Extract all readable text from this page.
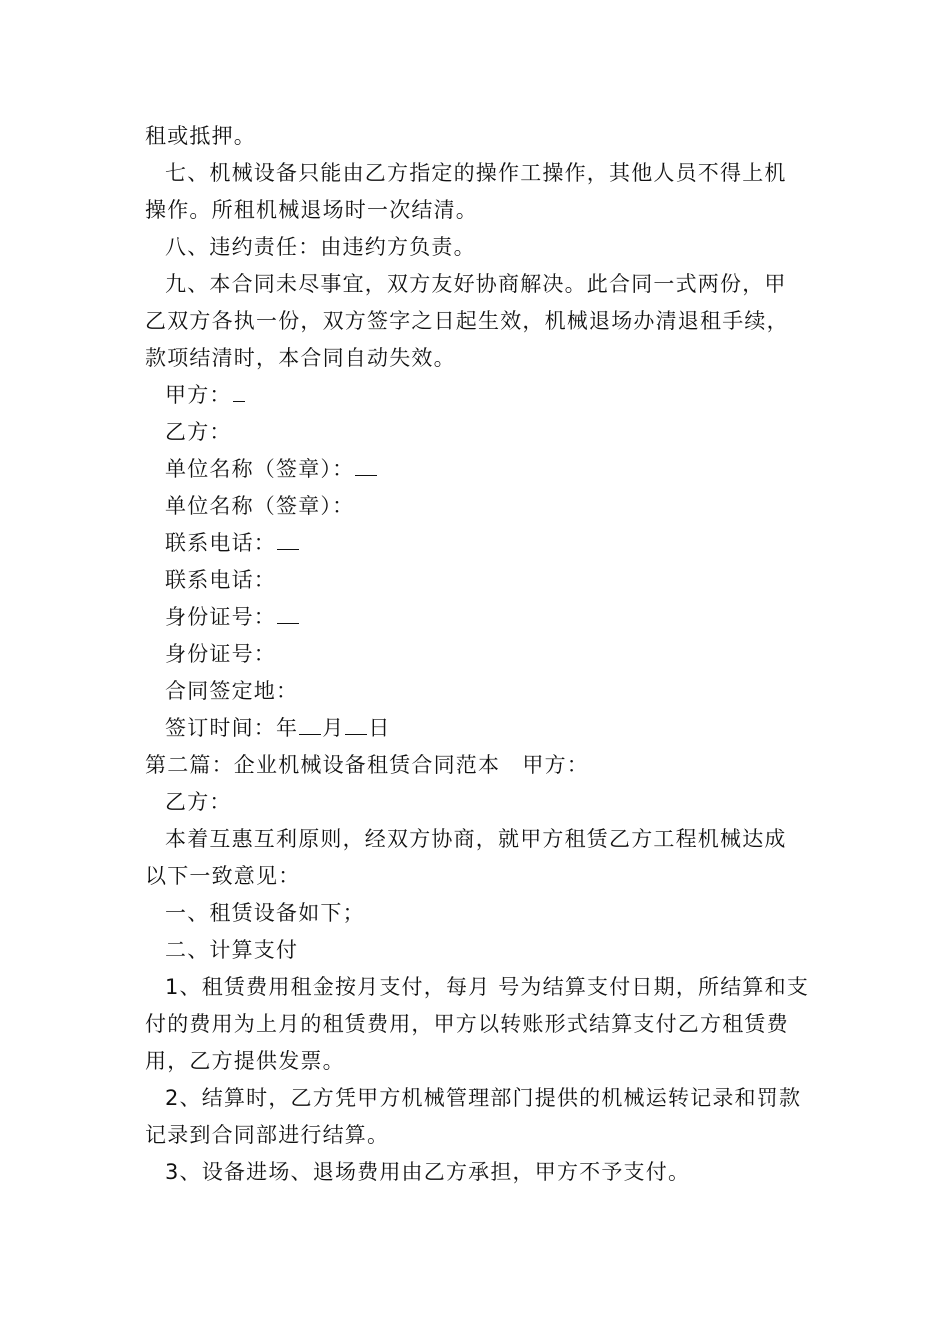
租或抵押。
七、机械设备只能由乙方指定的操作工操作，其他人员不得上机
操作。所租机械退场时一次结清。
八、违约责任：由违约方负责。
九、本合同未尽事宜，双方友好协商解决。此合同一式两份，甲
乙双方各执一份，双方签字之日起生效，机械退场办清退租手续，
款项结清时，本合同自动失效。
甲方：
乙方：
单位名称（签章）：
单位名称（签章）：
联系电话：
联系电话：
身份证号：
身份证号：
合同签定地：
签订时间：年 月 日
第二篇：企业机械设备租赁合同范本　甲方：
乙方：
本着互惠互利原则，经双方协商，就甲方租赁乙方工程机械达成
以下一致意见：
一、租赁设备如下；
二、计算支付
1、租赁费用租金按月支付，每月 号为结算支付日期，所结算和支
付的费用为上月的租赁费用，甲方以转账形式结算支付乙方租赁费
用，乙方提供发票。
2、结算时，乙方凭甲方机械管理部门提供的机械运转记录和罚款
记录到合同部进行结算。
3、设备进场、退场费用由乙方承担，甲方不予支付。
